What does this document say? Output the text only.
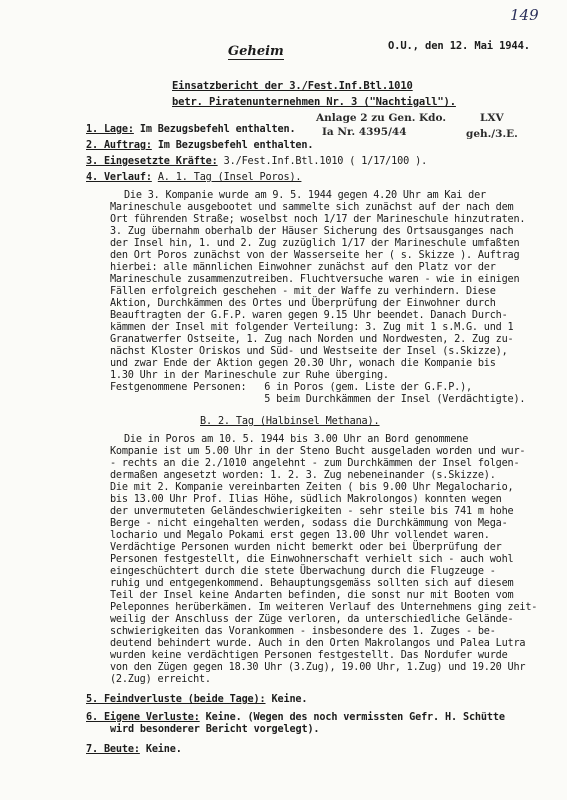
149
Geheim	O.U., den 12. Mai 1944.
Einsatzbericht der 3./Fest.Inf.Btl.1010
betr. Piratenunternehmen Nr. 3 ("Nachtigall").
Anlage 2 zu Gen. Kdo.
Ia Nr. 4395/44
LXV
geh./3.E.
1. Lage: Im Bezugsbefehl enthalten.
2. Auftrag: Im Bezugsbefehl enthalten.
3. Eingesetzte Kräfte: 3./Fest.Inf.Btl.1010 ( 1/17/100 ).
4. Verlauf: A. 1. Tag (Insel Poros).
Die 3. Kompanie wurde am 9. 5. 1944 gegen 4.20 Uhr am Kai der
Marineschule ausgebootet und sammelte sich zunächst auf der nach dem
Ort führenden Straße; woselbst noch 1/17 der Marineschule hinzutraten.
3. Zug übernahm oberhalb der Häuser Sicherung des Ortsausganges nach
der Insel hin, 1. und 2. Zug zuzüglich 1/17 der Marineschule umfaßten
den Ort Poros zunächst von der Wasserseite her ( s. Skizze ). Auftrag
hierbei: alle männlichen Einwohner zunächst auf den Platz vor der
Marineschule zusammenzutreiben. Fluchtversuche waren - wie in einigen
Fällen erfolgreich geschehen - mit der Waffe zu verhindern. Diese
Aktion, Durchkämmen des Ortes und Überprüfung der Einwohner durch
Beauftragten der G.F.P. waren gegen 9.15 Uhr beendet. Danach Durch-
kämmen der Insel mit folgender Verteilung: 3. Zug mit 1 s.M.G. und 1
Granatwerfer Ostseite, 1. Zug nach Norden und Nordwesten, 2. Zug zu-
nächst Kloster Oriskos und Süd- und Westseite der Insel (s.Skizze),
und zwar Ende der Aktion gegen 20.30 Uhr, wonach die Kompanie bis
1.30 Uhr in der Marineschule zur Ruhe überging.
Festgenommene Personen:   6 in Poros (gem. Liste der G.F.P.),
5 beim Durchkämmen der Insel (Verdächtigte).
B. 2. Tag (Halbinsel Methana).
Die in Poros am 10. 5. 1944 bis 3.00 Uhr an Bord genommene
Kompanie ist um 5.00 Uhr in der Steno Bucht ausgeladen worden und wur-
- rechts an die 2./1010 angelehnt - zum Durchkämmen der Insel folgen-
dermaßen angesetzt worden: 1. 2. 3. Zug nebeneinander (s.Skizze).
Die mit 2. Kompanie vereinbarten Zeiten ( bis 9.00 Uhr Megalochario,
bis 13.00 Uhr Prof. Ilias Höhe, südlich Makrolongos) konnten wegen
der unvermuteten Geländeschwierigkeiten - sehr steile bis 741 m hohe
Berge - nicht eingehalten werden, sodass die Durchkämmung von Mega-
lochario und Megalo Pokami erst gegen 13.00 Uhr vollendet waren.
Verdächtige Personen wurden nicht bemerkt oder bei Überprüfung der
Personen festgestellt, die Einwohnerschaft verhielt sich - auch wohl
eingeschüchtert durch die stete Überwachung durch die Flugzeuge -
ruhig und entgegenkommend. Behauptungsgemäss sollten sich auf diesem
Teil der Insel keine Andarten befinden, die sonst nur mit Booten vom
Peleponnes herüberkämen. Im weiteren Verlauf des Unternehmens ging zeit-
weilig der Anschluss der Züge verloren, da unterschiedliche Gelände-
schwierigkeiten das Vorankommen - insbesondere des 1. Zuges - be-
deutend behindert wurde. Auch in den Orten Makrolangos und Palea Lutra
wurden keine verdächtigen Personen festgestellt. Das Nordufer wurde
von den Zügen gegen 18.30 Uhr (3.Zug), 19.00 Uhr, 1.Zug) und 19.20 Uhr
(2.Zug) erreicht.
5. Feindverluste (beide Tage): Keine.
6. Eigene Verluste: Keine. (Wegen des noch vermissten Gefr. H. Schütte
wird besonderer Bericht vorgelegt).
7. Beute: Keine.
